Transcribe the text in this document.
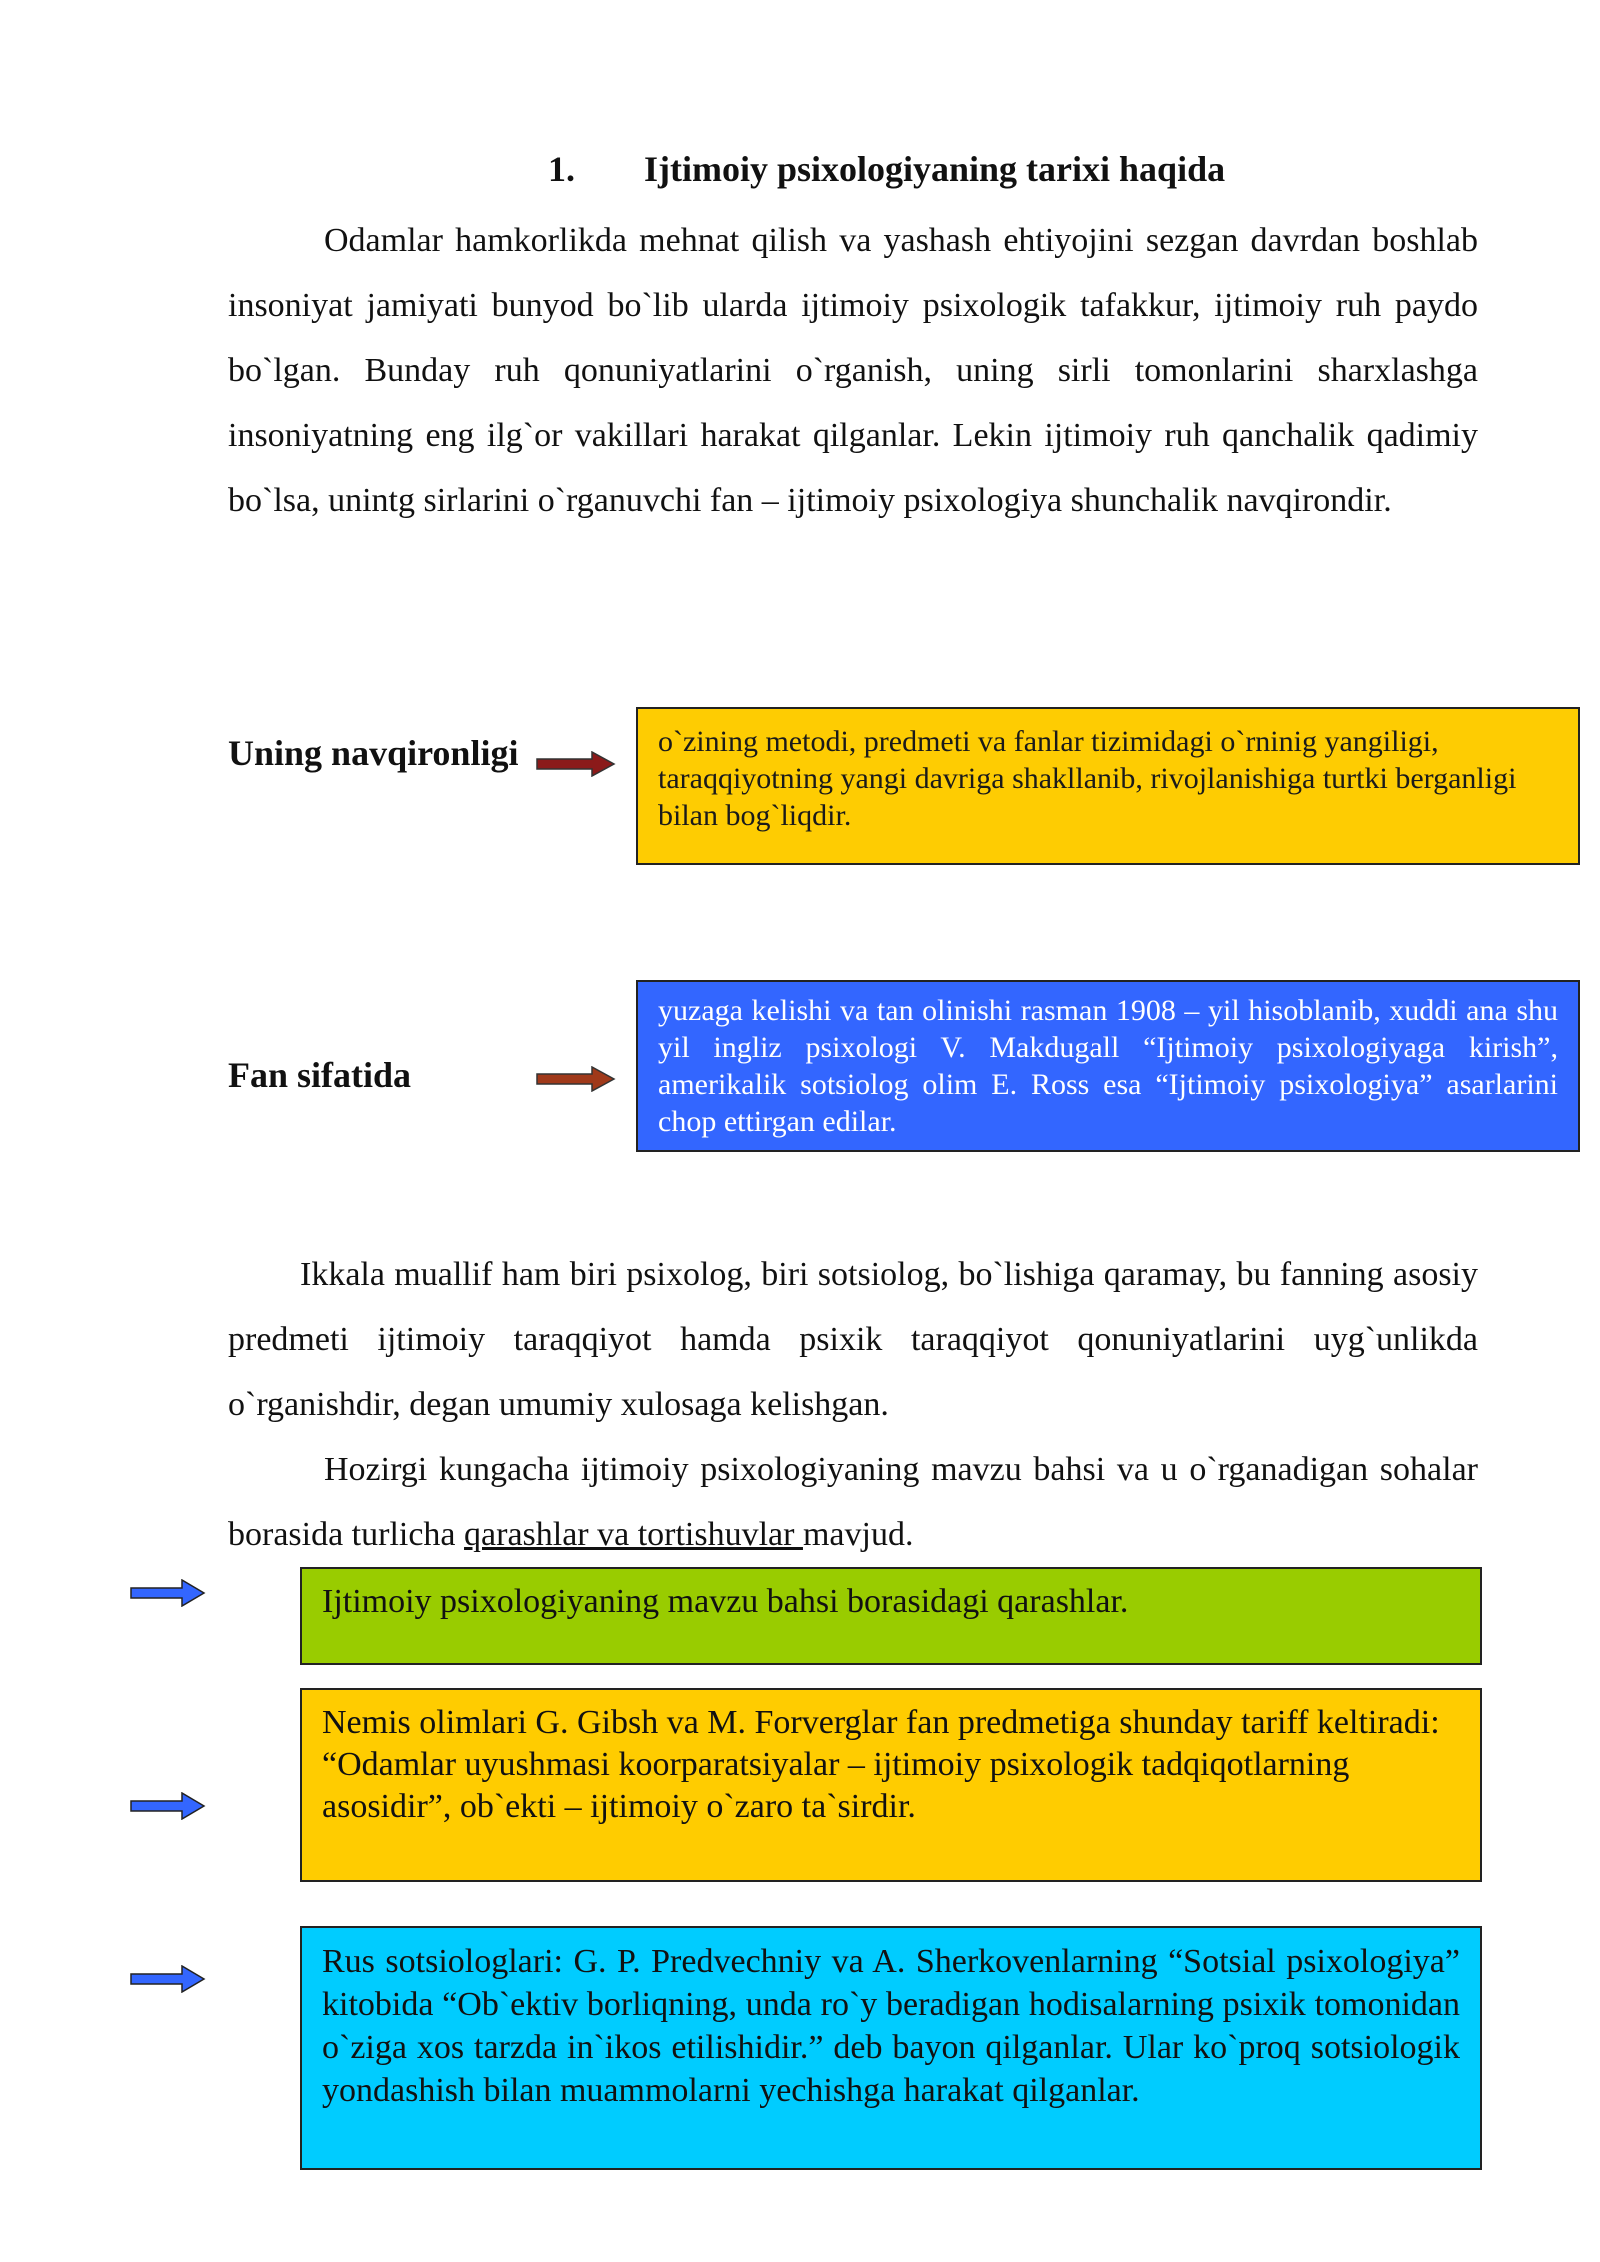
1. Ijtimoiy psixologiyaning tarixi haqida
Odamlar hamkorlikda mehnat qilish va yashash ehtiyojini sezgan davrdan boshlab insoniyat jamiyati bunyod bo`lib ularda ijtimoiy psixologik tafakkur, ijtimoiy ruh paydo bo`lgan. Bunday ruh qonuniyatlarini o`rganish, uning sirli tomonlarini sharxlashga insoniyatning eng ilg`or vakillari harakat qilganlar. Lekin ijtimoiy ruh qanchalik qadimiy bo`lsa, unintg sirlarini o`rganuvchi fan – ijtimoiy psixologiya shunchalik navqirondir.
Uning navqironligi	o`zining metodi, predmeti va fanlar tizimidagi o`rninig yangiligi, taraqqiyotning yangi davriga shakllanib, rivojlanishiga turtki berganligi bilan bog`liqdir.
Fan sifatida
yuzaga kelishi va tan olinishi rasman 1908 – yil hisoblanib, xuddi ana shu yil ingliz psixologi V. Makdugall “Ijtimoiy psixologiyaga kirish”, amerikalik sotsiolog olim E. Ross esa “Ijtimoiy psixologiya” asarlarini chop ettirgan edilar.
Ikkala muallif ham biri psixolog, biri sotsiolog, bo`lishiga qaramay, bu fanning asosiy predmeti ijtimoiy taraqqiyot hamda psixik taraqqiyot qonuniyatlarini uyg`unlikda o`rganishdir, degan umumiy xulosaga kelishgan.
Hozirgi kungacha ijtimoiy psixologiyaning mavzu bahsi va u o`rganadigan sohalar borasida turlicha qarashlar va tortishuvlar mavjud.
Ijtimoiy psixologiyaning mavzu bahsi borasidagi qarashlar.
Nemis olimlari G. Gibsh va M. Forverglar fan predmetiga shunday tariff keltiradi: “Odamlar uyushmasi koorparatsiyalar – ijtimoiy psixologik tadqiqotlarning asosidir”, ob`ekti – ijtimoiy o`zaro ta`sirdir.
Rus sotsiologlari: G. P. Predvechniy va A. Sherkovenlarning “Sotsial psixologiya” kitobida “Ob`ektiv borliqning, unda ro`y beradigan hodisalarning psixik tomonidan o`ziga xos tarzda in`ikos etilishidir.” deb bayon qilganlar. Ular ko`proq sotsiologik yondashish bilan muammolarni yechishga harakat qilganlar.
